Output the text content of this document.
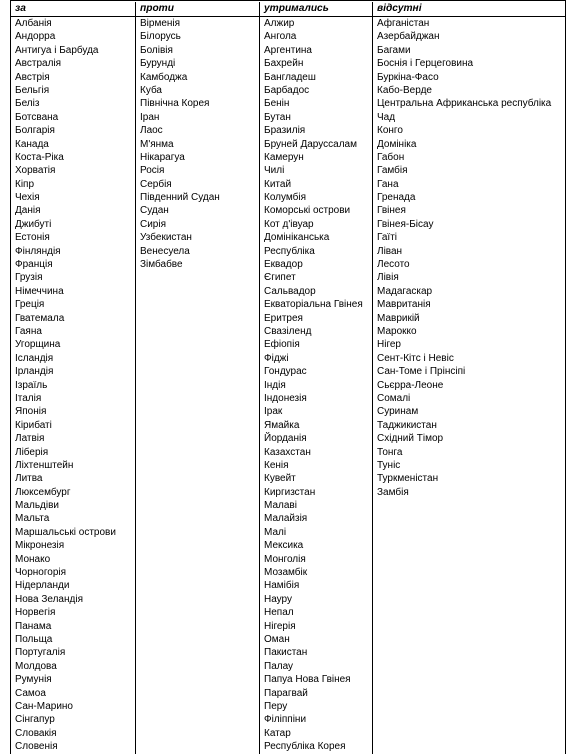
за
Албанія
Андорра
Антигуа і Барбуда
Австралія
Австрія
Бельгія
Беліз
Ботсвана
Болгарія
Канада
Коста-Ріка
Хорватія
Кіпр
Чехія
Данія
Джибуті
Естонія
Фінляндія
Франція
Грузія
Німеччина
Греція
Гватемала
Гаяна
Угорщина
Ісландія
Ірландія
Ізраїль
Італія
Японія
Кірибаті
Латвія
Ліберія
Ліхтенштейн
Литва
Люксембург
Мальдіви
Мальта
Маршальські острови
Мікронезія
Монако
Чорногорія
Нідерланди
Нова Зеландія
Норвегія
Панама
Польща
Португалія
Молдова
Румунія
Самоа
Сан-Марино
Сінгапур
Словакія
Словенія
проти
Вірменія
Білорусь
Болівія
Бурунді
Камбоджа
Куба
Північна Корея
Іран
Лаос
М'янма
Нікарагуа
Росія
Сербія
Південний Судан
Судан
Сирія
Узбекистан
Венесуела
Зімбабве
утримались
Алжир
Ангола
Аргентина
Бахрейн
Бангладеш
Барбадос
Бенін
Бутан
Бразилія
Бруней Даруссалам
Камерун
Чилі
Китай
Колумбія
Коморські острови
Кот д'івуар
Домініканська
Республіка
Еквадор
Єгипет
Сальвадор
Екваторіальна Гвінея
Еритрея
Свазіленд
Ефіопія
Фіджі
Гондурас
Індія
Індонезія
Ірак
Ямайка
Йорданія
Казахстан
Кенія
Кувейт
Киргизстан
Малаві
Малайзія
Малі
Мексика
Монголія
Мозамбік
Намібія
Науру
Непал
Нігерія
Оман
Пакистан
Палау
Папуа Нова Гвінея
Парагвай
Перу
Філіппіни
Катар
Республіка Корея
відсутні
Афганістан
Азербайджан
Багами
Боснія і Герцеговина
Буркіна-Фасо
Кабо-Верде
Центральна Африканська республіка
Чад
Конго
Домініка
Габон
Гамбія
Гана
Гренада
Гвінея
Гвінея-Бісау
Гаїті
Ліван
Лесото
Лівія
Мадагаскар
Мавританія
Маврикій
Марокко
Нігер
Сент-Кітс і Невіс
Сан-Томе і Прінсіпі
Сьєрра-Леоне
Сомалі
Суринам
Таджикистан
Східний Тімор
Тонга
Туніс
Туркменістан
Замбія
